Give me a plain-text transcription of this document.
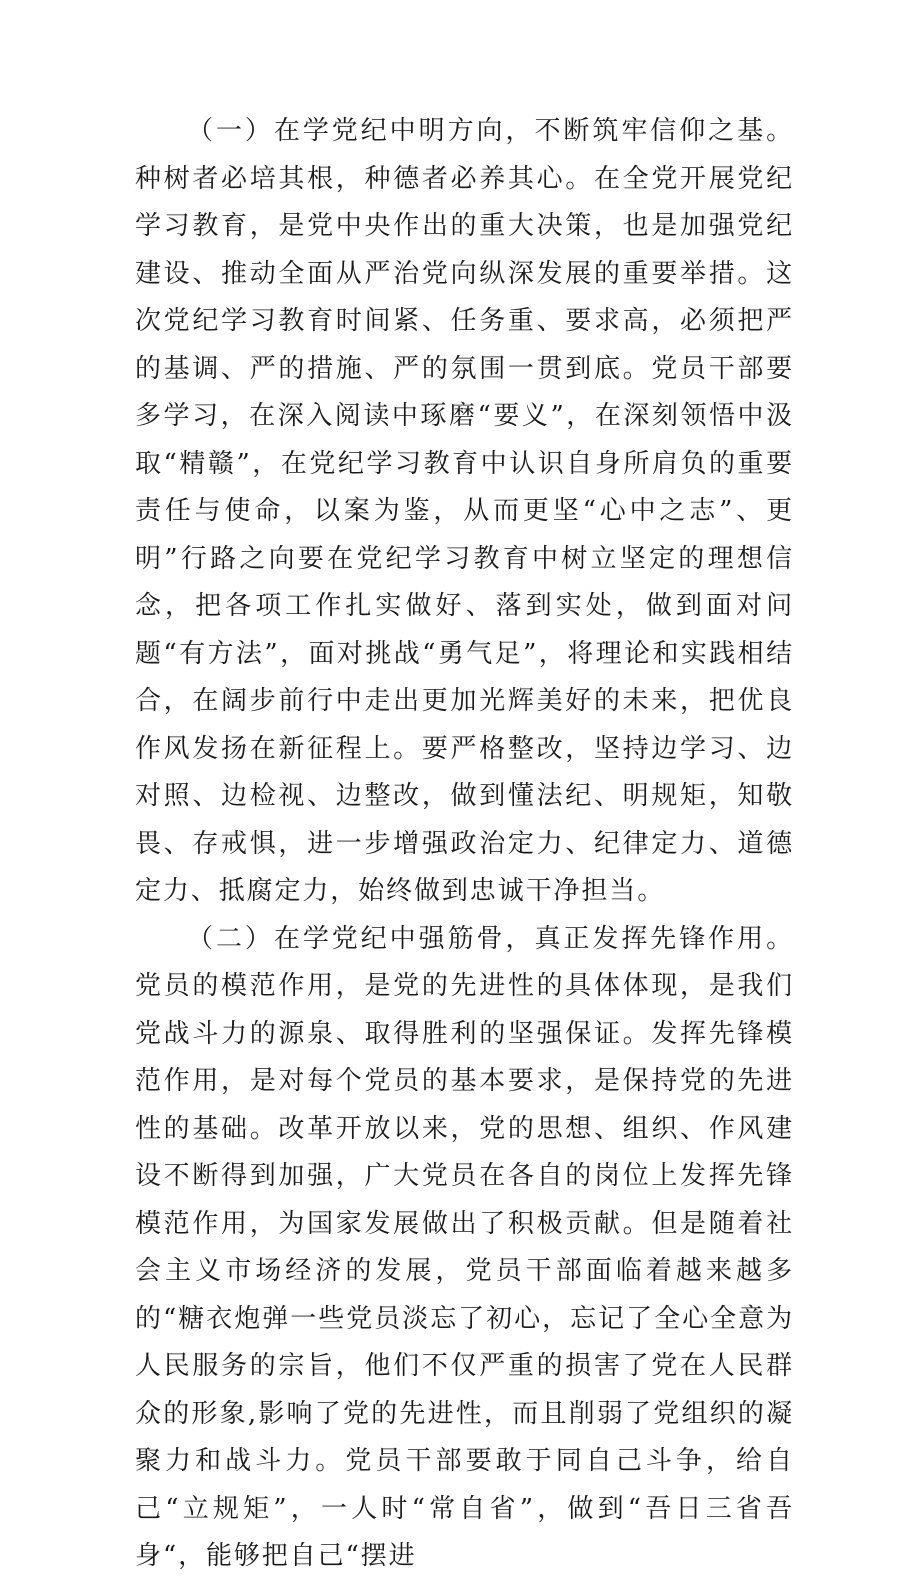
（一）在学党纪中明方向，不断筑牢信仰之基。种树者必培其根，种德者必养其心。在全党开展党纪学习教育，是党中央作出的重大决策，也是加强党纪建设、推动全面从严治党向纵深发展的重要举措。这次党纪学习教育时间紧、任务重、要求高，必须把严的基调、严的措施、严的氛围一贯到底。党员干部要多学习，在深入阅读中琢磨“要义”，在深刻领悟中汲取“精赣”，在党纪学习教育中认识自身所肩负的重要责任与使命，以案为鉴，从而更坚“心中之志”、更明”行路之向要在党纪学习教育中树立坚定的理想信念，把各项工作扎实做好、落到实处，做到面对问题“有方法”，面对挑战“勇气足”，将理论和实践相结合，在阔步前行中走出更加光辉美好的未来，把优良作风发扬在新征程上。要严格整改，坚持边学习、边对照、边检视、边整改，做到懂法纪、明规矩，知敬畏、存戒惧，进一步增强政治定力、纪律定力、道德定力、抵腐定力，始终做到忠诚干净担当。

（二）在学党纪中强筋骨，真正发挥先锋作用。党员的模范作用，是党的先进性的具体体现，是我们党战斗力的源泉、取得胜利的坚强保证。发挥先锋模范作用，是对每个党员的基本要求，是保持党的先进性的基础。改革开放以来，党的思想、组织、作风建设不断得到加强，广大党员在各自的岗位上发挥先锋模范作用，为国家发展做出了积极贡献。但是随着社会主义市场经济的发展，党员干部面临着越来越多的“糖衣炮弹一些党员淡忘了初心，忘记了全心全意为人民服务的宗旨，他们不仅严重的损害了党在人民群众的形象,影响了党的先进性，而且削弱了党组织的凝聚力和战斗力。党员干部要敢于同自己斗争，给自己“立规矩”，一人时“常自省”，做到“吾日三省吾身“，能够把自己“摆进
